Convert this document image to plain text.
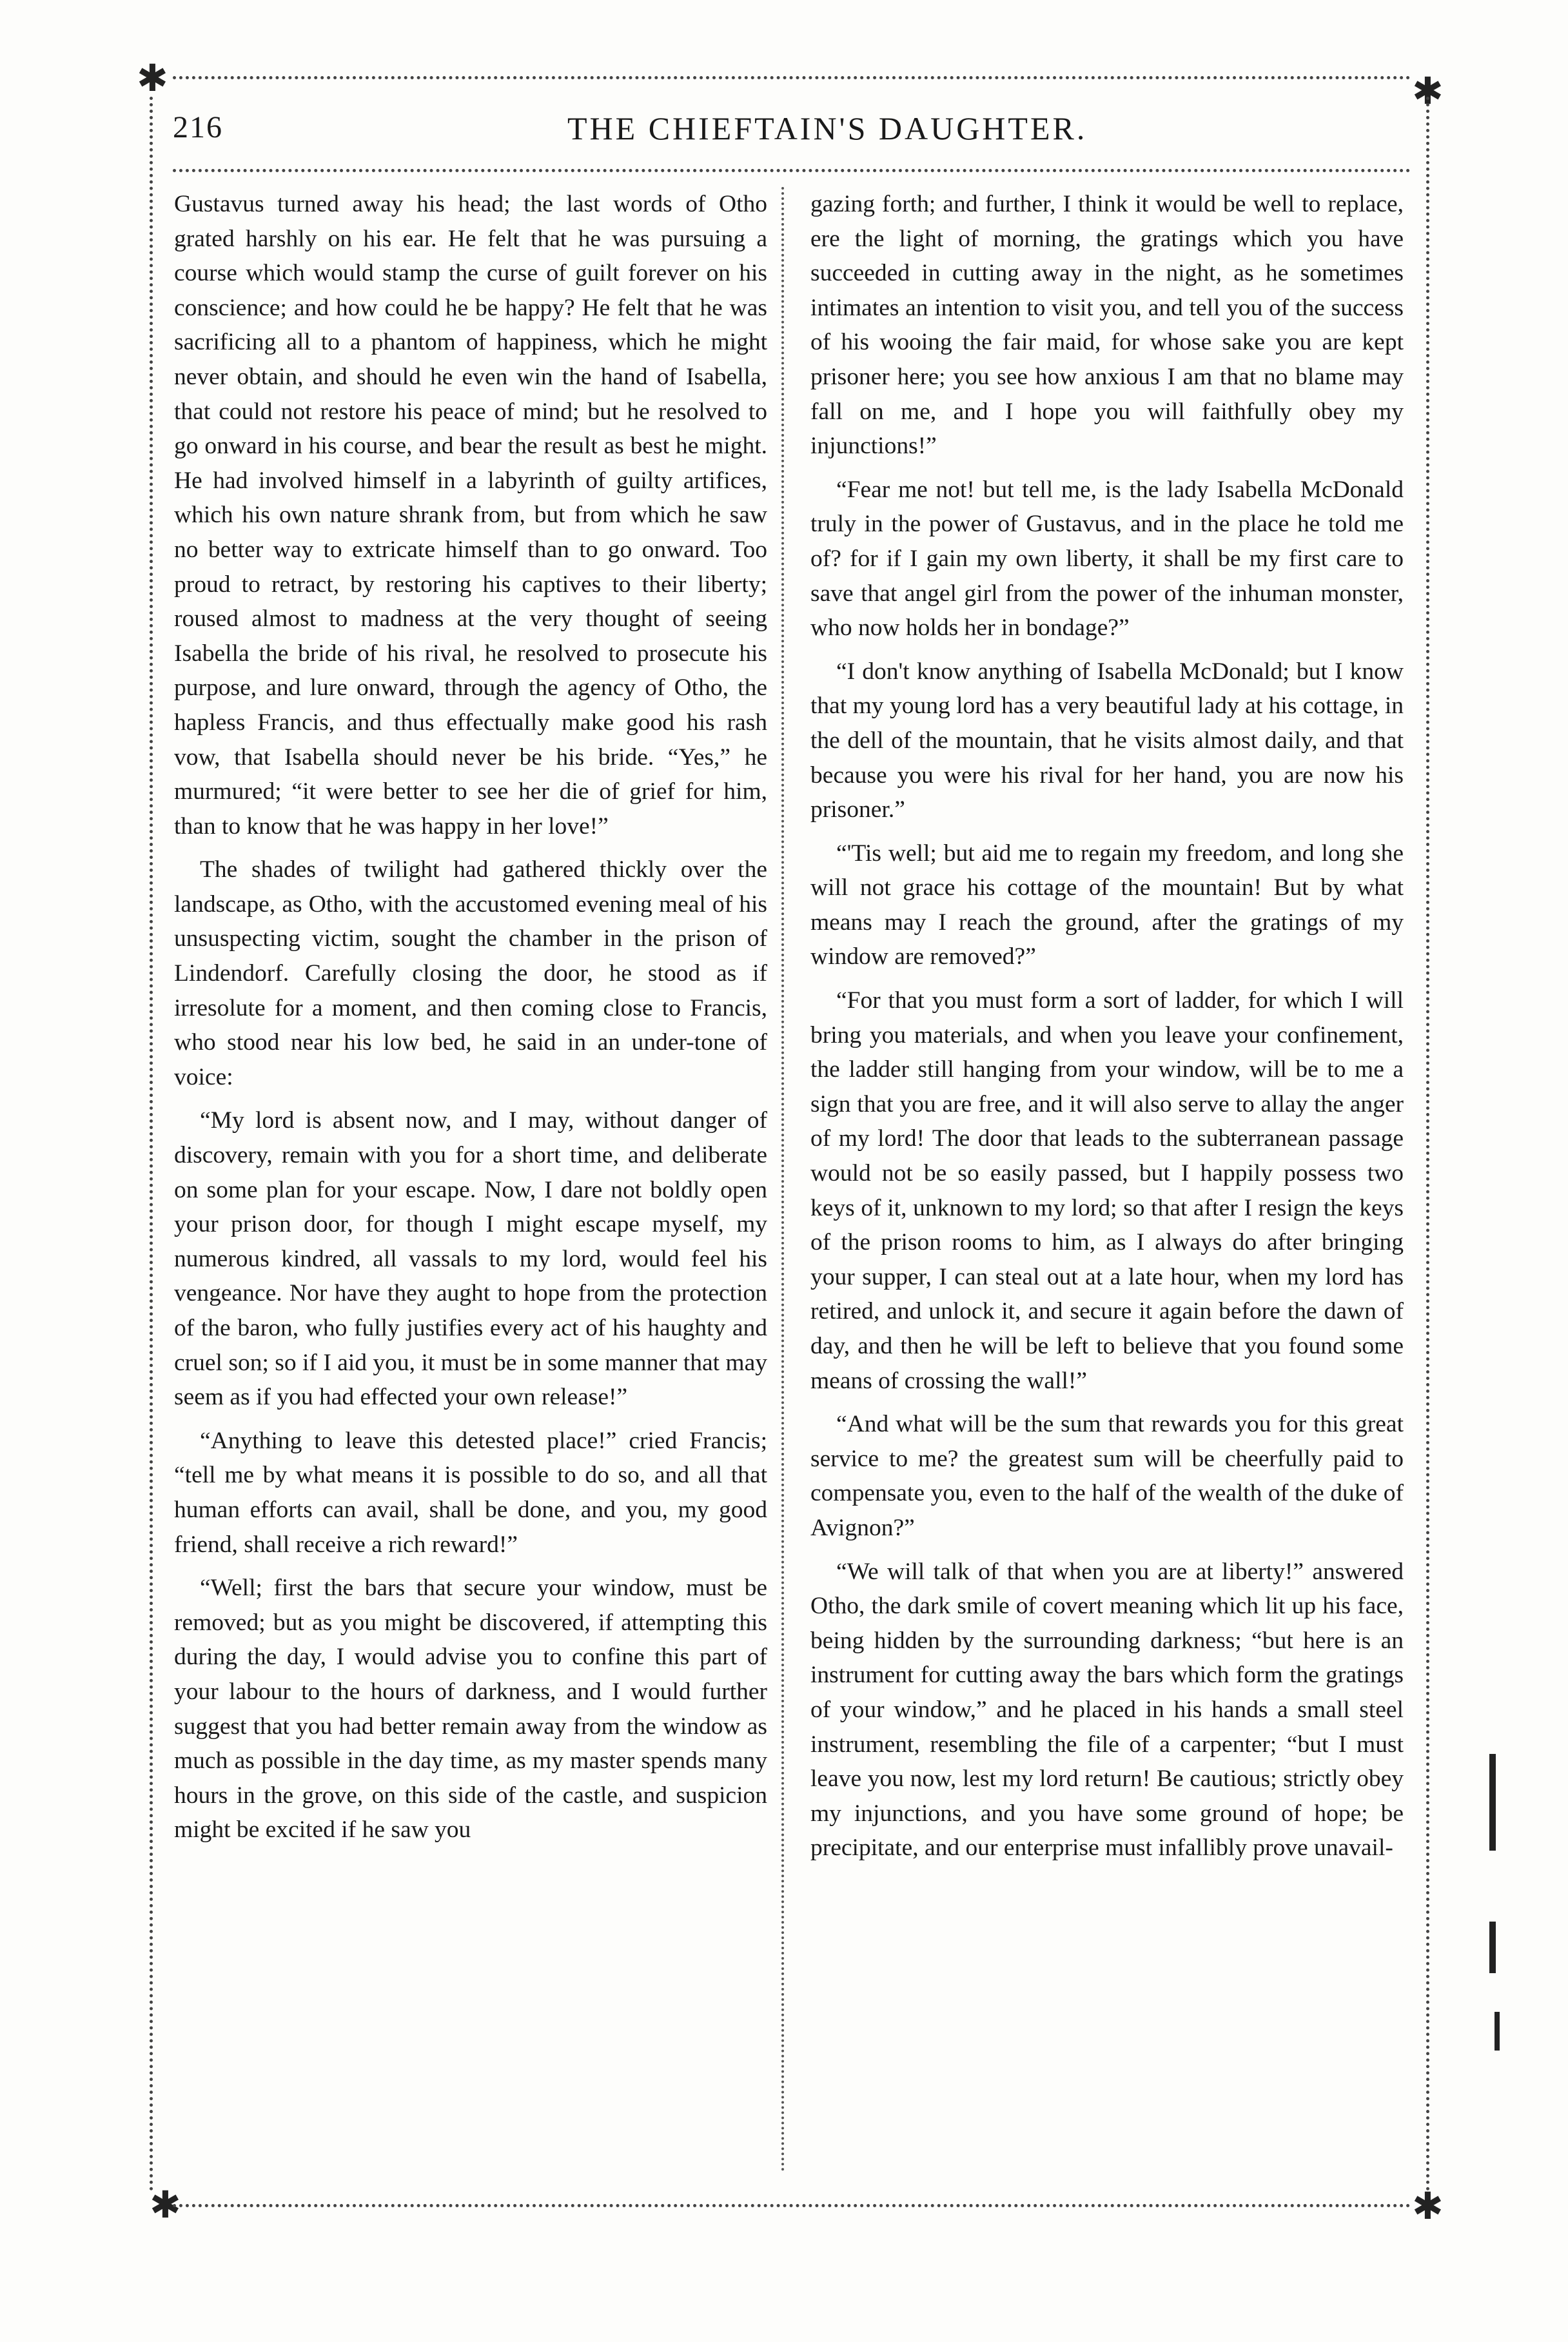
✱	✱
✱	✱
216	THE CHIEFTAIN'S DAUGHTER.

Gustavus turned away his head; the last words of Otho grated harshly on his ear. He felt that he was pursuing a course which would stamp the curse of guilt forever on his conscience; and how could he be happy? He felt that he was sacrificing all to a phantom of happiness, which he might never obtain, and should he even win the hand of Isabella, that could not restore his peace of mind; but he resolved to go onward in his course, and bear the result as best he might. He had involved himself in a labyrinth of guilty artifices, which his own nature shrank from, but from which he saw no better way to extricate himself than to go onward. Too proud to retract, by restoring his captives to their liberty; roused almost to madness at the very thought of seeing Isabella the bride of his rival, he resolved to prosecute his purpose, and lure onward, through the agency of Otho, the hapless Francis, and thus effectually make good his rash vow, that Isabella should never be his bride. “Yes,” he murmured; “it were better to see her die of grief for him, than to know that he was happy in her love!”

The shades of twilight had gathered thickly over the landscape, as Otho, with the accustomed evening meal of his unsuspecting victim, sought the chamber in the prison of Lindendorf. Carefully closing the door, he stood as if irresolute for a moment, and then coming close to Francis, who stood near his low bed, he said in an under-tone of voice:

“My lord is absent now, and I may, without danger of discovery, remain with you for a short time, and deliberate on some plan for your escape. Now, I dare not boldly open your prison door, for though I might escape myself, my numerous kindred, all vassals to my lord, would feel his vengeance. Nor have they aught to hope from the protection of the baron, who fully justifies every act of his haughty and cruel son; so if I aid you, it must be in some manner that may seem as if you had effected your own release!”

“Anything to leave this detested place!” cried Francis; “tell me by what means it is possible to do so, and all that human efforts can avail, shall be done, and you, my good friend, shall receive a rich reward!”

“Well; first the bars that secure your window, must be removed; but as you might be discovered, if attempting this during the day, I would advise you to confine this part of your labour to the hours of darkness, and I would further suggest that you had better remain away from the window as much as possible in the day time, as my master spends many hours in the grove, on this side of the castle, and suspicion might be excited if he saw you

gazing forth; and further, I think it would be well to replace, ere the light of morning, the gratings which you have succeeded in cutting away in the night, as he sometimes intimates an intention to visit you, and tell you of the success of his wooing the fair maid, for whose sake you are kept prisoner here; you see how anxious I am that no blame may fall on me, and I hope you will faithfully obey my injunctions!”

“Fear me not! but tell me, is the lady Isabella McDonald truly in the power of Gustavus, and in the place he told me of? for if I gain my own liberty, it shall be my first care to save that angel girl from the power of the inhuman monster, who now holds her in bondage?”

“I don't know anything of Isabella McDonald; but I know that my young lord has a very beautiful lady at his cottage, in the dell of the mountain, that he visits almost daily, and that because you were his rival for her hand, you are now his prisoner.”

“'Tis well; but aid me to regain my freedom, and long she will not grace his cottage of the mountain! But by what means may I reach the ground, after the gratings of my window are removed?”

“For that you must form a sort of ladder, for which I will bring you materials, and when you leave your confinement, the ladder still hanging from your window, will be to me a sign that you are free, and it will also serve to allay the anger of my lord! The door that leads to the subterranean passage would not be so easily passed, but I happily possess two keys of it, unknown to my lord; so that after I resign the keys of the prison rooms to him, as I always do after bringing your supper, I can steal out at a late hour, when my lord has retired, and unlock it, and secure it again before the dawn of day, and then he will be left to believe that you found some means of crossing the wall!”

“And what will be the sum that rewards you for this great service to me? the greatest sum will be cheerfully paid to compensate you, even to the half of the wealth of the duke of Avignon?”

“We will talk of that when you are at liberty!” answered Otho, the dark smile of covert meaning which lit up his face, being hidden by the surrounding darkness; “but here is an instrument for cutting away the bars which form the gratings of your window,” and he placed in his hands a small steel instrument, resembling the file of a carpenter; “but I must leave you now, lest my lord return! Be cautious; strictly obey my injunctions, and you have some ground of hope; be precipitate, and our enterprise must infallibly prove unavail-
